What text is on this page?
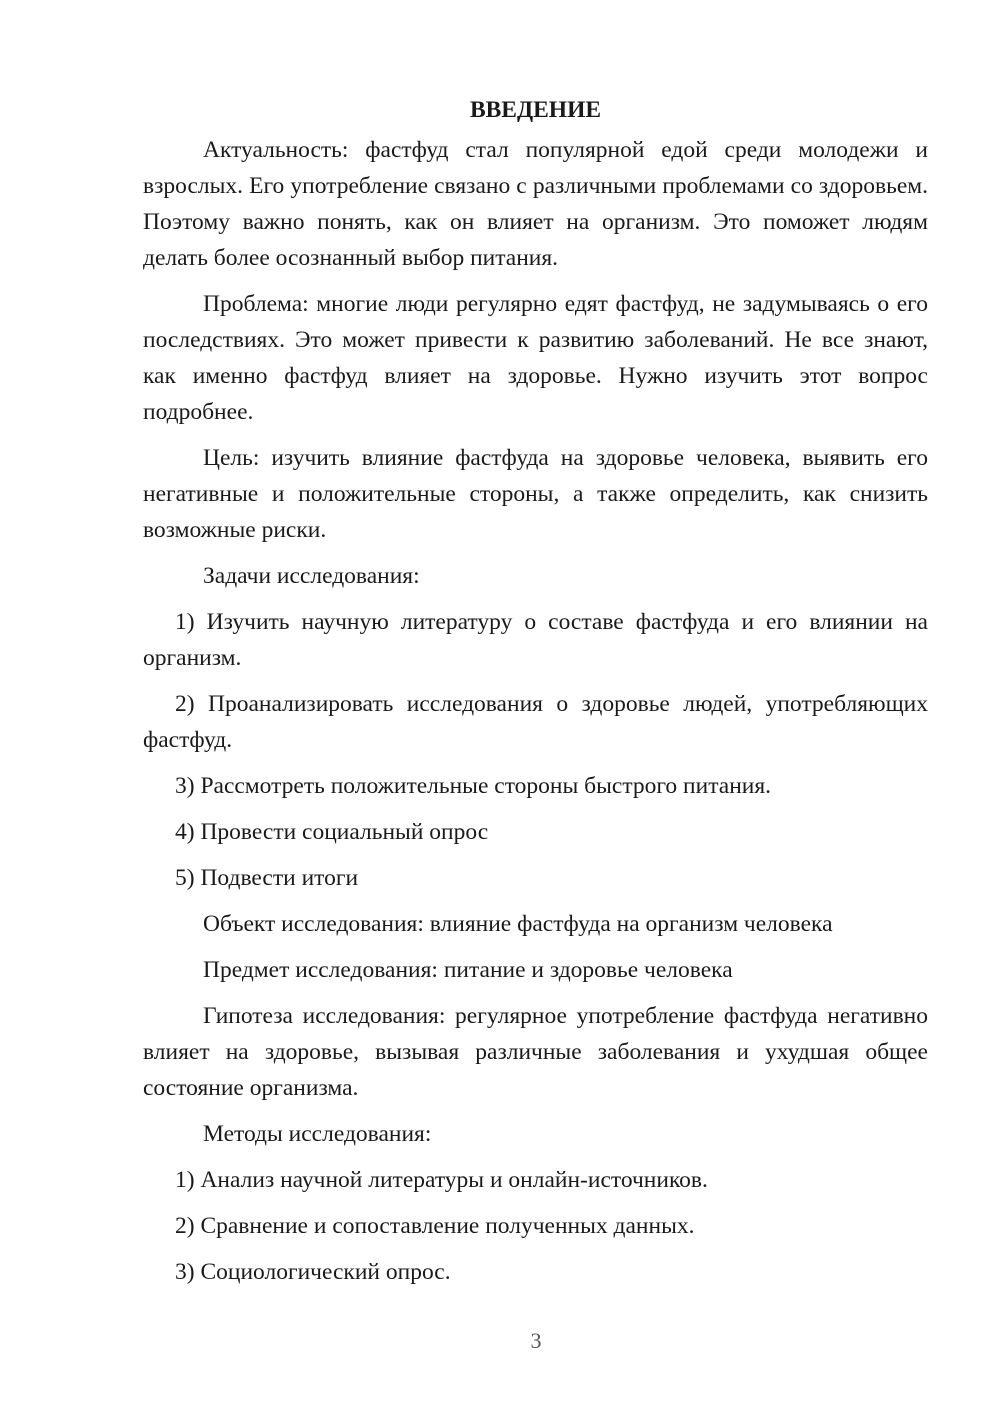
ВВЕДЕНИЕ

Актуальность: фастфуд стал популярной едой среди молодежи и взрослых. Его употребление связано с различными проблемами со здоровьем. Поэтому важно понять, как он влияет на организм. Это поможет людям делать более осознанный выбор питания.

Проблема: многие люди регулярно едят фастфуд, не задумываясь о его последствиях. Это может привести к развитию заболеваний. Не все знают, как именно фастфуд влияет на здоровье. Нужно изучить этот вопрос подробнее.

Цель: изучить влияние фастфуда на здоровье человека, выявить его негативные и положительные стороны, а также определить, как снизить возможные риски.

Задачи исследования:

1) Изучить научную литературу о составе фастфуда и его влиянии на организм.

2) Проанализировать исследования о здоровье людей, употребляющих фастфуд.

3) Рассмотреть положительные стороны быстрого питания.

4) Провести социальный опрос

5) Подвести итоги

Объект исследования: влияние фастфуда на организм человека
Предмет исследования: питание и здоровье человека

Гипотеза исследования: регулярное употребление фастфуда негативно влияет на здоровье, вызывая различные заболевания и ухудшая общее состояние организма.

Методы исследования:

1) Анализ научной литературы и онлайн-источников.

2) Сравнение и сопоставление полученных данных.

3) Социологический опрос.

3
